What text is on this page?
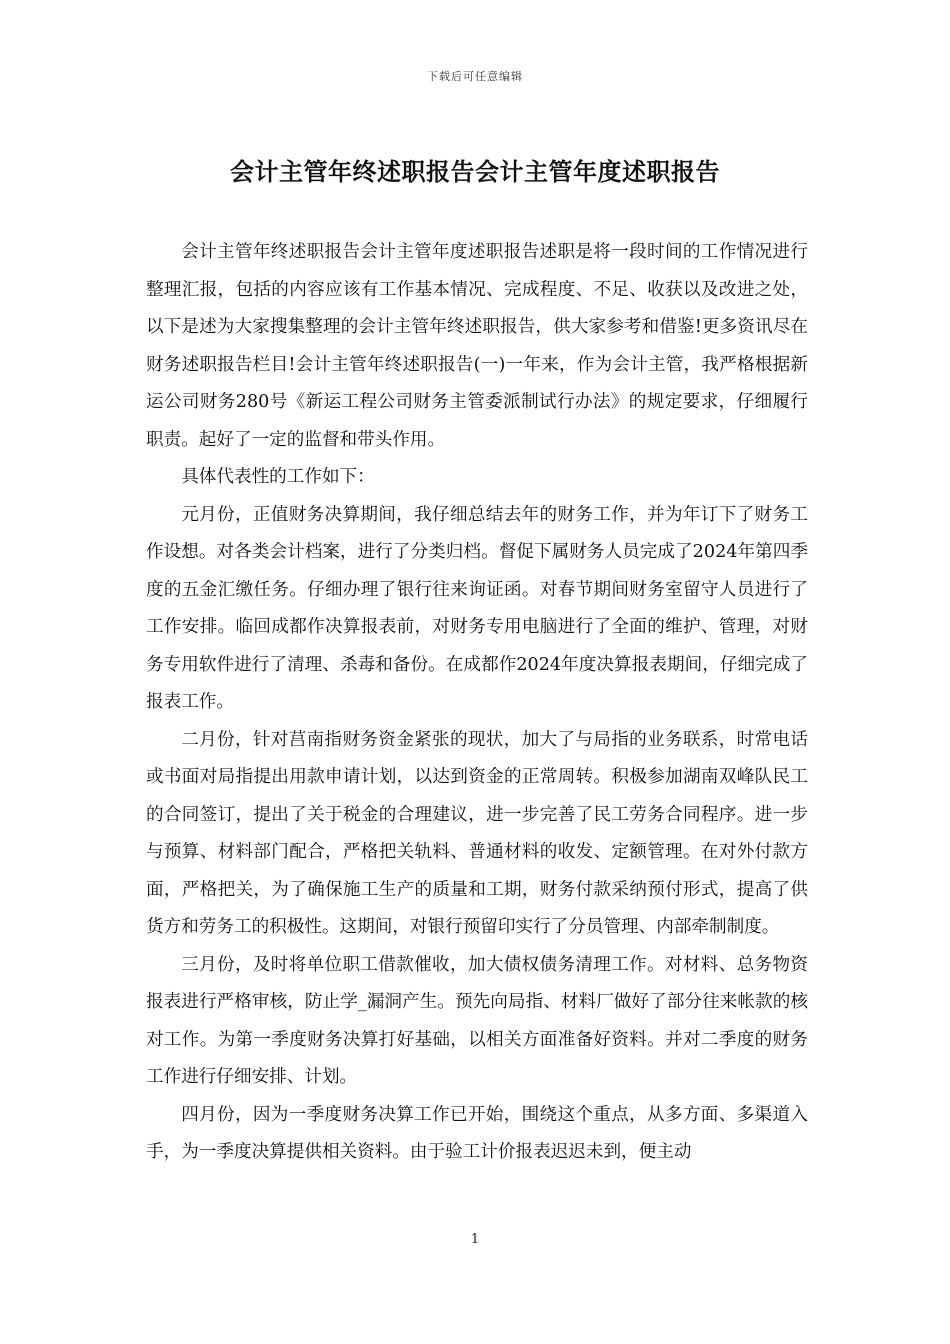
下载后可任意编辑
会计主管年终述职报告会计主管年度述职报告

会计主管年终述职报告会计主管年度述职报告述职是将一段时间的工作情况进行整理汇报，包括的内容应该有工作基本情况、完成程度、不足、收获以及改进之处，以下是述为大家搜集整理的会计主管年终述职报告，供大家参考和借鉴!更多资讯尽在财务述职报告栏目!会计主管年终述职报告(一)一年来，作为会计主管，我严格根据新运公司财务280号《新运工程公司财务主管委派制试行办法》的规定要求，仔细履行职责。起好了一定的监督和带头作用。

具体代表性的工作如下：

元月份，正值财务决算期间，我仔细总结去年的财务工作，并为年订下了财务工作设想。对各类会计档案，进行了分类归档。督促下属财务人员完成了2024年第四季度的五金汇缴任务。仔细办理了银行往来询证函。对春节期间财务室留守人员进行了工作安排。临回成都作决算报表前，对财务专用电脑进行了全面的维护、管理，对财务专用软件进行了清理、杀毒和备份。在成都作2024年度决算报表期间，仔细完成了报表工作。

二月份，针对莒南指财务资金紧张的现状，加大了与局指的业务联系，时常电话或书面对局指提出用款申请计划，以达到资金的正常周转。积极参加湖南双峰队民工的合同签订，提出了关于税金的合理建议，进一步完善了民工劳务合同程序。进一步与预算、材料部门配合，严格把关轨料、普通材料的收发、定额管理。在对外付款方面，严格把关，为了确保施工生产的质量和工期，财务付款采纳预付形式，提高了供货方和劳务工的积极性。这期间，对银行预留印实行了分员管理、内部牵制制度。

三月份，及时将单位职工借款催收，加大债权债务清理工作。对材料、总务物资报表进行严格审核，防止学_漏洞产生。预先向局指、材料厂做好了部分往来帐款的核对工作。为第一季度财务决算打好基础，以相关方面准备好资料。并对二季度的财务工作进行仔细安排、计划。

四月份，因为一季度财务决算工作已开始，围绕这个重点，从多方面、多渠道入手，为一季度决算提供相关资料。由于验工计价报表迟迟未到，便主动

1
